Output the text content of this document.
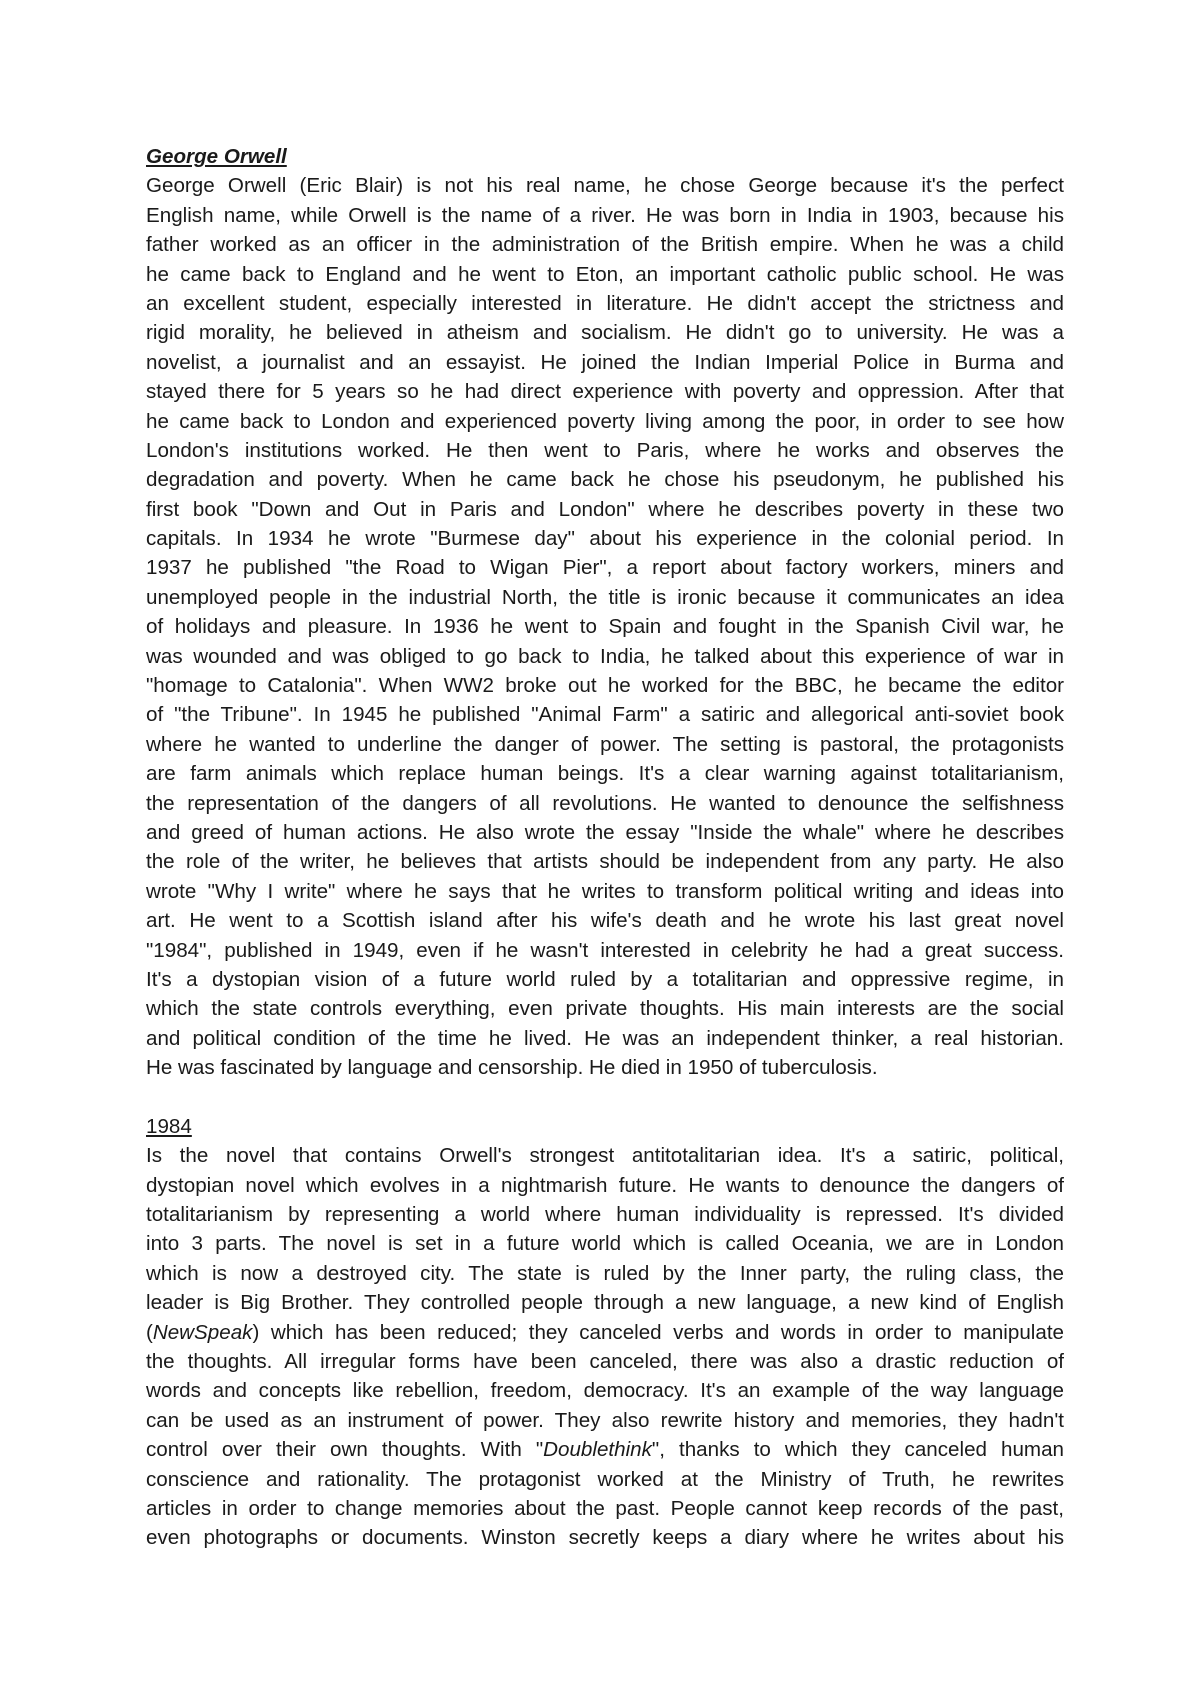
George Orwell
George Orwell (Eric Blair) is not his real name, he chose George because it's the perfect
English name, while Orwell is the name of a river. He was born in India in 1903, because his
father worked as an officer in the administration of the British empire. When he was a child
he came back to England and he went to Eton, an important catholic public school. He was
an excellent student, especially interested in literature. He didn't accept the strictness and
rigid morality, he believed in atheism and socialism. He didn't go to university. He was a
novelist, a journalist and an essayist. He joined the Indian Imperial Police in Burma and
stayed there for 5 years so he had direct experience with poverty and oppression. After that
he came back to London and experienced poverty living among the poor, in order to see how
London's institutions worked. He then went to Paris, where he works and observes the
degradation and poverty. When he came back he chose his pseudonym, he published his
first book "Down and Out in Paris and London" where he describes poverty in these two
capitals. In 1934 he wrote "Burmese day" about his experience in the colonial period. In
1937 he published "the Road to Wigan Pier", a report about factory workers, miners and
unemployed people in the industrial North, the title is ironic because it communicates an idea
of holidays and pleasure. In 1936 he went to Spain and fought in the Spanish Civil war, he
was wounded and was obliged to go back to India, he talked about this experience of war in
"homage to Catalonia". When WW2 broke out he worked for the BBC, he became the editor
of "the Tribune". In 1945 he published "Animal Farm" a satiric and allegorical anti-soviet book
where he wanted to underline the danger of power. The setting is pastoral, the protagonists
are farm animals which replace human beings. It's a clear warning against totalitarianism,
the representation of the dangers of all revolutions. He wanted to denounce the selfishness
and greed of human actions. He also wrote the essay "Inside the whale" where he describes
the role of the writer, he believes that artists should be independent from any party. He also
wrote "Why I write" where he says that he writes to transform political writing and ideas into
art. He went to a Scottish island after his wife's death and he wrote his last great novel
"1984", published in 1949, even if he wasn't interested in celebrity he had a great success.
It's a dystopian vision of a future world ruled by a totalitarian and oppressive regime, in
which the state controls everything, even private thoughts. His main interests are the social
and political condition of the time he lived. He was an independent thinker, a real historian.
He was fascinated by language and censorship. He died in 1950 of tuberculosis.
1984
Is the novel that contains Orwell's strongest antitotalitarian idea. It's a satiric, political,
dystopian novel which evolves in a nightmarish future. He wants to denounce the dangers of
totalitarianism by representing a world where human individuality is repressed. It's divided
into 3 parts. The novel is set in a future world which is called Oceania, we are in London
which is now a destroyed city. The state is ruled by the Inner party, the ruling class, the
leader is Big Brother. They controlled people through a new language, a new kind of English
(NewSpeak) which has been reduced; they canceled verbs and words in order to manipulate
the thoughts. All irregular forms have been canceled, there was also a drastic reduction of
words and concepts like rebellion, freedom, democracy. It's an example of the way language
can be used as an instrument of power. They also rewrite history and memories, they hadn't
control over their own thoughts. With "Doublethink", thanks to which they canceled human
conscience and rationality. The protagonist worked at the Ministry of Truth, he rewrites
articles in order to change memories about the past. People cannot keep records of the past,
even photographs or documents. Winston secretly keeps a diary where he writes about his
